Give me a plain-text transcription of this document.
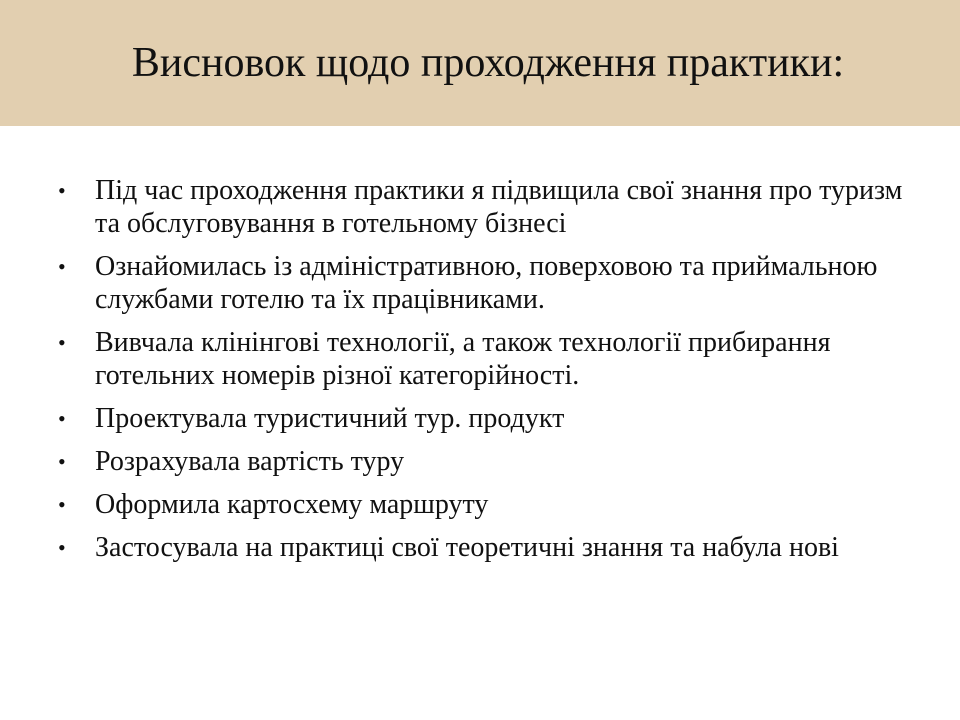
Висновок щодо проходження практики:
•	Під час проходження практики я підвищила свої знання про туризм та обслуговування в готельному бізнесі
•	Ознайомилась із адміністративною, поверховою та приймальною службами готелю та їх працівниками.
•	Вивчала клінінгові технології, а також технології прибирання готельних номерів різної категорійності.
•	Проектувала туристичний тур. продукт
•	Розрахувала вартість туру
•	Оформила картосхему маршруту
•	Застосувала на практиці свої теоретичні знання та набула нові
